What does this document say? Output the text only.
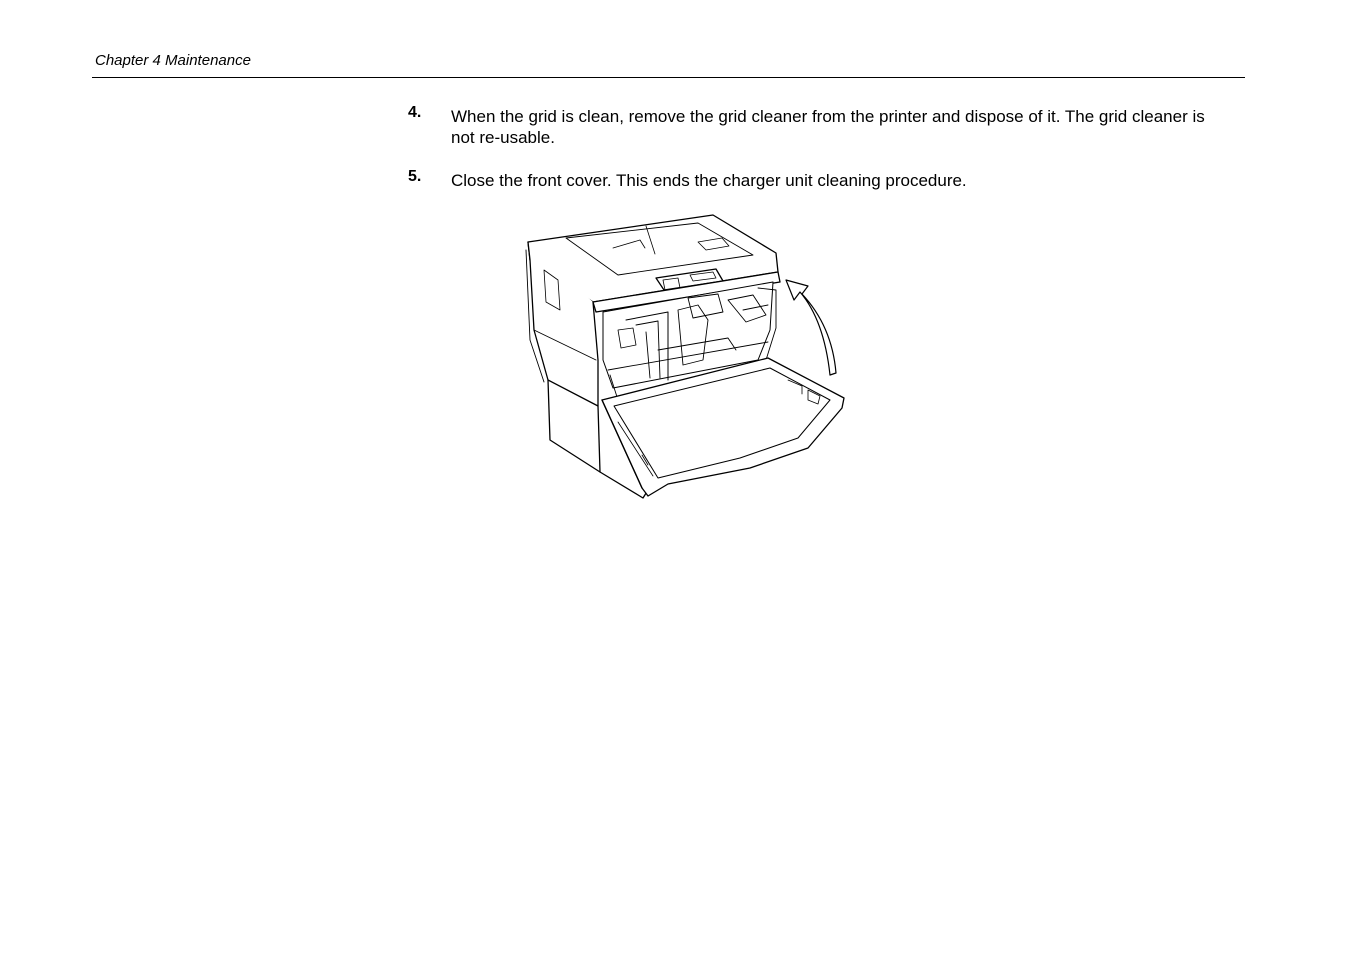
Chapter 4 Maintenance
4. When the grid is clean, remove the grid cleaner from the printer and dispose of it. The grid cleaner is not re-usable.
5. Close the front cover. This ends the charger unit cleaning procedure.
